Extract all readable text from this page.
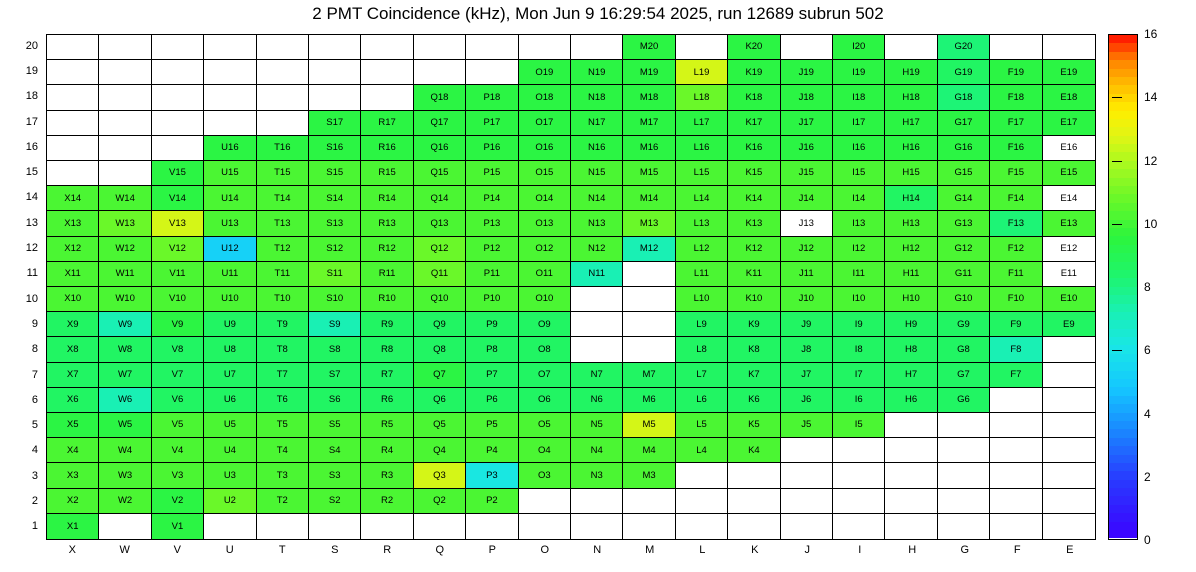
2 PMT Coincidence (kHz), Mon Jun 9 16:29:54 2025, run 12689 subrun 502
20
19
18
17
16
15
14
13
12
11
10
9
8
7
6
5
4
3
2
1
M20	K20	I20	G20
O19	N19	M19	L19	K19	J19	I19	H19	G19	F19	E19
Q18	P18	O18	N18	M18	L18	K18	J18	I18	H18	G18	F18	E18
S17	R17	Q17	P17	O17	N17	M17	L17	K17	J17	I17	H17	G17	F17	E17
U16	T16	S16	R16	Q16	P16	O16	N16	M16	L16	K16	J16	I16	H16	G16	F16	E16
V15	U15	T15	S15	R15	Q15	P15	O15	N15	M15	L15	K15	J15	I15	H15	G15	F15	E15
X14	W14	V14	U14	T14	S14	R14	Q14	P14	O14	N14	M14	L14	K14	J14	I14	H14	G14	F14	E14
X13	W13	V13	U13	T13	S13	R13	Q13	P13	O13	N13	M13	L13	K13	J13	I13	H13	G13	F13	E13
X12	W12	V12	U12	T12	S12	R12	Q12	P12	O12	N12	M12	L12	K12	J12	I12	H12	G12	F12	E12
X11	W11	V11	U11	T11	S11	R11	Q11	P11	O11	N11	L11	K11	J11	I11	H11	G11	F11	E11
X10	W10	V10	U10	T10	S10	R10	Q10	P10	O10	L10	K10	J10	I10	H10	G10	F10	E10
X9	W9	V9	U9	T9	S9	R9	Q9	P9	O9	L9	K9	J9	I9	H9	G9	F9	E9
X8	W8	V8	U8	T8	S8	R8	Q8	P8	O8	L8	K8	J8	I8	H8	G8	F8
X7	W7	V7	U7	T7	S7	R7	Q7	P7	O7	N7	M7	L7	K7	J7	I7	H7	G7	F7
X6	W6	V6	U6	T6	S6	R6	Q6	P6	O6	N6	M6	L6	K6	J6	I6	H6	G6
X5	W5	V5	U5	T5	S5	R5	Q5	P5	O5	N5	M5	L5	K5	J5	I5
X4	W4	V4	U4	T4	S4	R4	Q4	P4	O4	N4	M4	L4	K4
X3	W3	V3	U3	T3	S3	R3	Q3	P3	O3	N3	M3
X2	W2	V2	U2	T2	S2	R2	Q2	P2
X1	V1
X	W	V	U	T	S	R	Q	P	O	N	M	L	K	J	I	H	G	F	E
0
2
4
6
8
10
12
14
16
